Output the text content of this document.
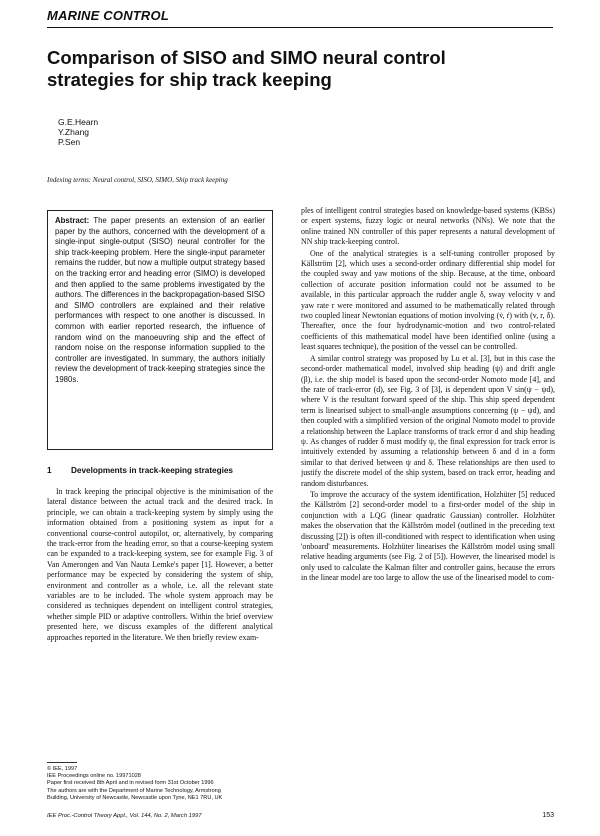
MARINE CONTROL
Comparison of SISO and SIMO neural control strategies for ship track keeping
G.E.Hearn
Y.Zhang
P.Sen
Indexing terms: Neural control, SISO, SIMO, Ship track keeping
Abstract: The paper presents an extension of an earlier paper by the authors, concerned with the development of a single-input single-output (SISO) neural controller for the ship track-keeping problem. Here the single-input parameter remains the rudder, but now a multiple output strategy based on the tracking error and heading error (SIMO) is developed and then applied to the same problems investigated by the authors. The differences in the backpropagation-based SISO and SIMO controllers are explained and their relative performances with respect to one another is discussed. In common with earlier reported research, the influence of random wind on the manoeuvring ship and the effect of random noise on the response information supplied to the controller are investigated. In summary, the authors initially review the development of track-keeping strategies since the 1980s.
1 Developments in track-keeping strategies

In track keeping the principal objective is the minimisation of the lateral distance between the actual track and the desired track. In principle, we can obtain a track-keeping system by simply using the information obtained from a positioning system as input for a conventional course-control autopilot, or, alternatively, by comparing the track-error from the heading error, so that a course-keeping system can be expanded to a track-keeping system, see for example Fig. 3 of Van Amerongen and Van Nauta Lemke's paper [1]. However, a better performance may be expected by considering the system of ship, environment and controller as a whole, i.e. all the relevant state variables are to be included. The whole system approach may be considered as techniques dependent on intelligent control strategies, whether simple PID or adaptive controllers. Within the brief overview presented here, we discuss examples of the different analytical approaches reported in the literature. We then briefly review exam-

ples of intelligent control strategies based on knowledge-based systems (KBSs) or expert systems, fuzzy logic or neural networks (NNs). We note that the online trained NN controller of this paper represents a natural development of NN ship track-keeping control.

One of the analytical strategies is a self-tuning controller proposed by Källström [2], which uses a second-order ordinary differential ship model for the coupled sway and yaw motions of the ship. Because, at the time, onboard collection of accurate position information could not be assumed to be available, in this particular approach the rudder angle δ, sway velocity v and yaw rate r were monitored and assumed to be mathematically related through two coupled linear Newtonian equations of motion involving (v̇, ṙ) with (v, r, δ). Thereafter, once the four hydrodynamic-motion and two control-related coefficients of this mathematical model have been identified online (using a least squares technique), the position of the vessel can be controlled.

A similar control strategy was proposed by Lu et al. [3], but in this case the second-order mathematical model, involved ship heading (ψ) and drift angle (β), i.e. the ship model is based upon the second-order Nomoto mode [4], and the rate of track-error (d), see Fig. 3 of [3], is dependent upon V sin(ψ − ψd), where V is the resultant forward speed of the ship. This ship speed dependent term is linearised subject to small-angle assumptions concerning (ψ − ψd), and then coupled with a simplified version of the original Nomoto model to provide a relationship between the Laplace transforms of track error d and ship heading ψ. As changes of rudder δ must modify ψ, the final expression for track error is intuitively extended by assuming a relationship between δ and d in a form similar to that derived between ψ and δ. These relationships are then used to justify the discrete model of the ship system, based on track error, heading and random disturbances.

To improve the accuracy of the system identification, Holzhüter [5] reduced the Källström [2] second-order model to a first-order model of the ship in conjunction with a LQG (linear quadratic Gaussian) controller. Holzhüter makes the observation that the Källström model (outlined in the preceding text discussing [2]) is often ill-conditioned with respect to identification when using 'onboard' measurements. Holzhüter linearises the Källström model using small relative heading arguments (see Fig. 2 of [5]). However, the linearised model is only used to calculate the Kalman filter and controller gains, because the errors in the linear model are too large to allow the use of the linearised model to com-

© IEE, 1997
IEE Proceedings online no. 19971028
Paper first received 8th April and in revised form 31st October 1996
The authors are with the Department of Marine Technology, Armstrong
Building, University of Newcastle, Newcastle upon Tyne, NE1 7RU, UK
IEE Proc.-Control Theory Appl., Vol. 144, No. 2, March 1997	153
